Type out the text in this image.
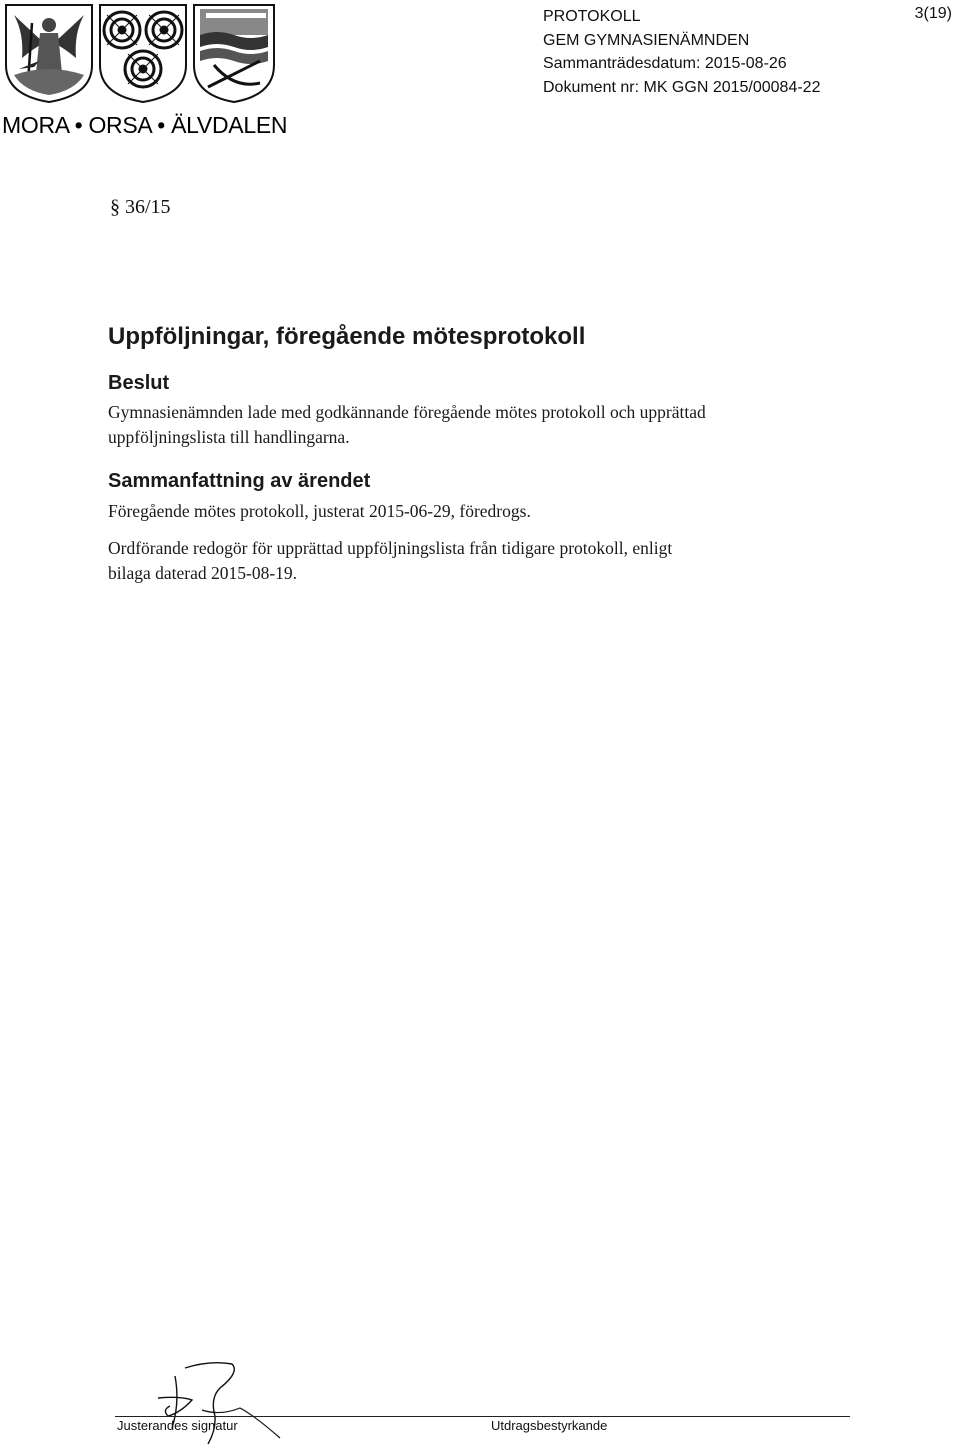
MORA • ORSA • ÄLVDALEN
PROTOKOLL
GEM GYMNASIENÄMNDEN
Sammanträdesdatum: 2015-08-26
Dokument nr: MK GGN 2015/00084-22
3(19)
§ 36/15
Uppföljningar, föregående mötesprotokoll
Beslut
Gymnasienämnden lade med godkännande föregående mötes protokoll och upprättad
uppföljningslista till handlingarna.
Sammanfattning av ärendet
Föregående mötes protokoll, justerat 2015-06-29, föredrogs.
Ordförande redogör för upprättad uppföljningslista från tidigare protokoll, enligt
bilaga daterad 2015-08-19.
Justerandes signatur	Utdragsbestyrkande
